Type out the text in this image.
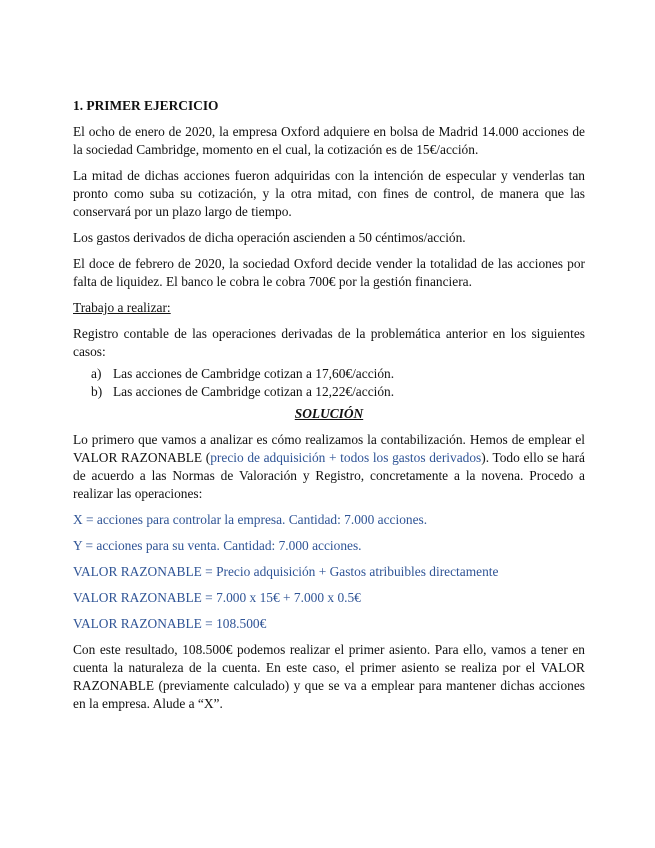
1. PRIMER EJERCICIO

El ocho de enero de 2020, la empresa Oxford adquiere en bolsa de Madrid 14.000 acciones de la sociedad Cambridge, momento en el cual, la cotización es de 15€/acción.

La mitad de dichas acciones fueron adquiridas con la intención de especular y venderlas tan pronto como suba su cotización, y la otra mitad, con fines de control, de manera que las conservará por un plazo largo de tiempo.

Los gastos derivados de dicha operación ascienden a 50 céntimos/acción.

El doce de febrero de 2020, la sociedad Oxford decide vender la totalidad de las acciones por falta de liquidez. El banco le cobra le cobra 700€ por la gestión financiera.

Trabajo a realizar:

Registro contable de las operaciones derivadas de la problemática anterior en los siguientes casos:

a) Las acciones de Cambridge cotizan a 17,60€/acción.
b) Las acciones de Cambridge cotizan a 12,22€/acción.
SOLUCIÓN

Lo primero que vamos a analizar es cómo realizamos la contabilización. Hemos de emplear el VALOR RAZONABLE (precio de adquisición + todos los gastos derivados). Todo ello se hará de acuerdo a las Normas de Valoración y Registro, concretamente a la novena. Procedo a realizar las operaciones:

X = acciones para controlar la empresa. Cantidad: 7.000 acciones.
Y = acciones para su venta. Cantidad: 7.000 acciones.
VALOR RAZONABLE = Precio adquisición + Gastos atribuibles directamente
VALOR RAZONABLE = 7.000 x 15€ + 7.000 x 0.5€
VALOR RAZONABLE = 108.500€

Con este resultado, 108.500€ podemos realizar el primer asiento. Para ello, vamos a tener en cuenta la naturaleza de la cuenta. En este caso, el primer asiento se realiza por el VALOR RAZONABLE (previamente calculado) y que se va a emplear para mantener dichas acciones en la empresa. Alude a “X”.
